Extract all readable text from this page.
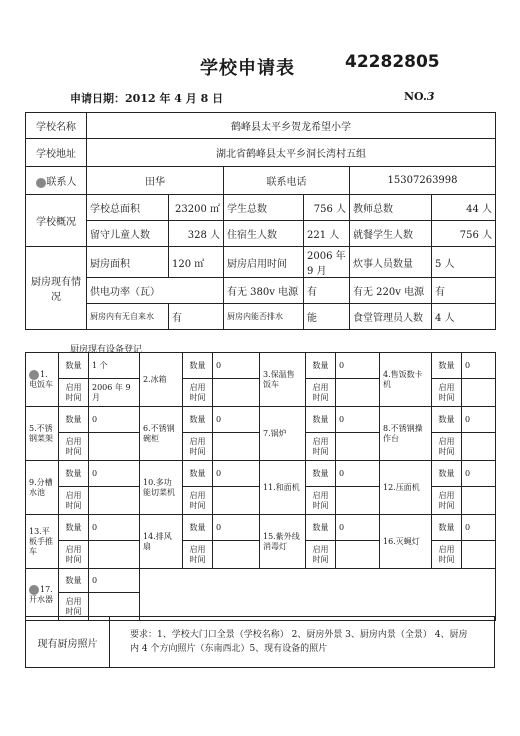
学校申请表	42282805
申请日期：2012 年 4 月 8 日	NO.3
学校名称	鹤峰县太平乡贺龙希望小学					
学校地址	湖北省鹤峰县太平乡洞长湾村五组					
联系人	田华		联系电话		15307263998	
学校概况	学校总面积	23200 ㎡	学生总数	756 人	教师总数	44 人
	留守儿童人数	328 人	住宿生人数	221 人	就餐学生人数	756 人
厨房现有情况	厨房面积	120 ㎡	厨房启用时间	2006 年 9 月	炊事人员数量	5 人
	供电功率（瓦）		有无 380v 电源	有	有无 220v 电源	有
	厨房内有无自来水	有	厨房内能否排水	能	食堂管理员人数	4 人
厨房现有设备登记
1.电饭车	数量	1 个	2.冰箱	数量	0	3.保温售饭车	数量	0	4.售饭数卡机	数量	0
	启用时间	2006 年 9 月		启用时间			启用时间			启用时间	
5.不锈钢菜架	数量	0	6.不锈钢碗柜	数量	0	7.锅炉	数量	0	8.不锈钢操作台	数量	0
	启用时间			启用时间			启用时间			启用时间	
9.分槽水池	数量	0	10.多功能切菜机	数量	0	11.和面机	数量	0	12.压面机	数量	0
	启用时间			启用时间			启用时间			启用时间	
13.平板手推车	数量	0	14.排风扇	数量	0	15.紫外线消毒灯	数量	0	16.灭蝇灯	数量	0
	启用时间			启用时间			启用时间			启用时间	
17.开水器	数量	0									
	启用时间										
现有厨房照片	要求：1、学校大门口全景（学校名称） 2、厨房外景 3、厨房内景（全景） 4、厨房内 4 个方向照片（东南西北）5、现有设备的照片
